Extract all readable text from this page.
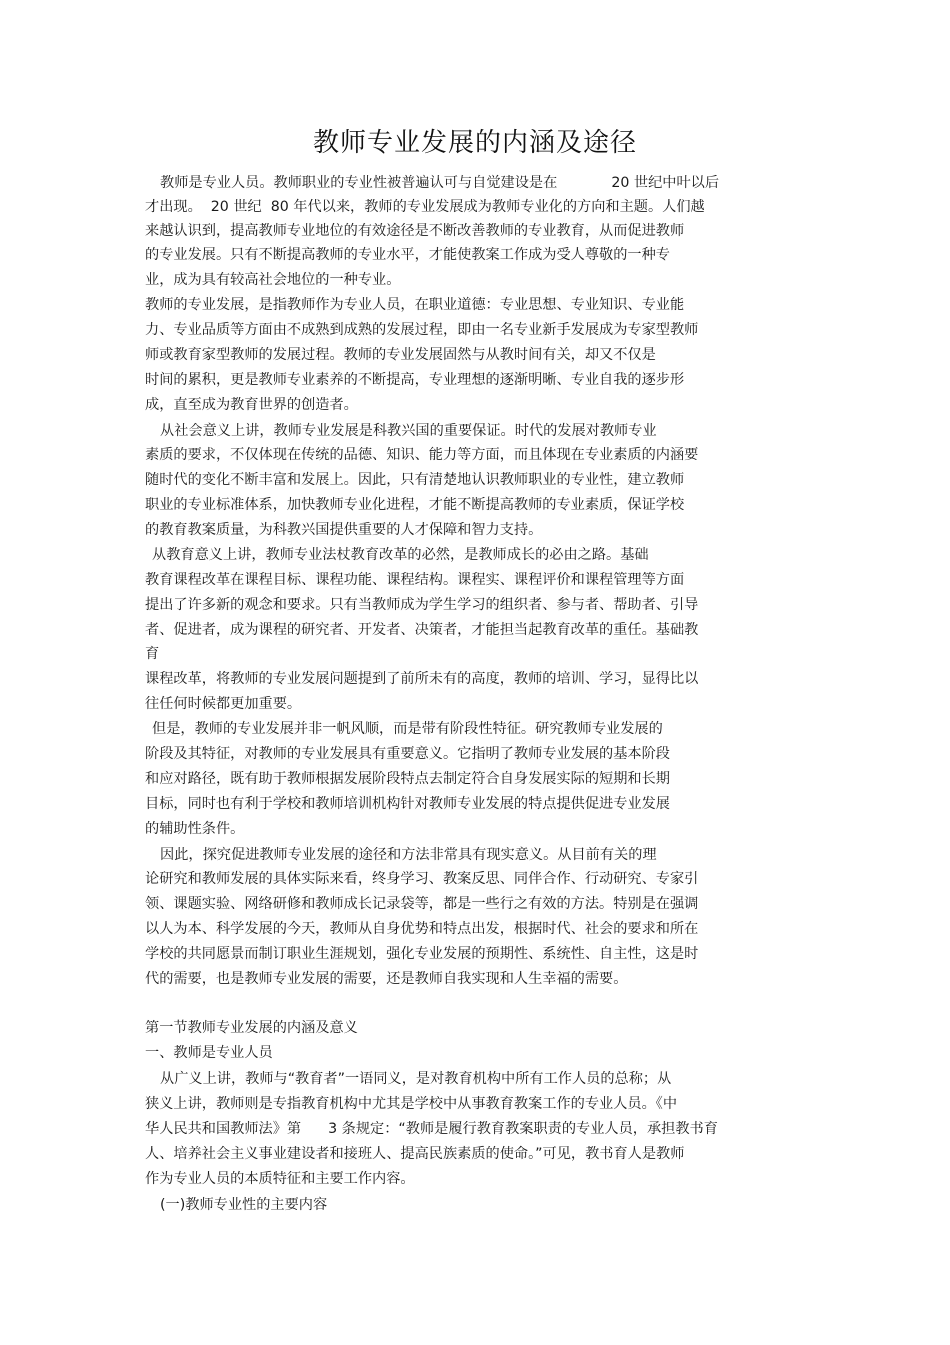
教师专业发展的内涵及途径
教师是专业人员。教师职业的专业性被普遍认可与自觉建设是在            20 世纪中叶以后
才出现。  20 世纪  80 年代以来，教师的专业发展成为教师专业化的方向和主题。人们越
来越认识到，提高教师专业地位的有效途径是不断改善教师的专业教育，从而促进教师
的专业发展。只有不断提高教师的专业水平，才能使教案工作成为受人尊敬的一种专
业，成为具有较高社会地位的一种专业。
教师的专业发展，是指教师作为专业人员，在职业道德：专业思想、专业知识、专业能
力、专业品质等方面由不成熟到成熟的发展过程，即由一名专业新手发展成为专家型教师
师或教育家型教师的发展过程。教师的专业发展固然与从教时间有关，却又不仅是
时间的累积，更是教师专业素养的不断提高，专业理想的逐渐明晰、专业自我的逐步形
成，直至成为教育世界的创造者。
从社会意义上讲，教师专业发展是科教兴国的重要保证。时代的发展对教师专业
素质的要求，不仅体现在传统的品德、知识、能力等方面，而且体现在专业素质的内涵要
随时代的变化不断丰富和发展上。因此，只有清楚地认识教师职业的专业性，建立教师
职业的专业标准体系，加快教师专业化进程，才能不断提高教师的专业素质，保证学校
的教育教案质量，为科教兴国提供重要的人才保障和智力支持。
从教育意义上讲，教师专业法杖教育改革的必然，是教师成长的必由之路。基础
教育课程改革在课程目标、课程功能、课程结构。课程实、课程评价和课程管理等方面
提出了许多新的观念和要求。只有当教师成为学生学习的组织者、参与者、帮助者、引导
者、促进者，成为课程的研究者、开发者、决策者，才能担当起教育改革的重任。基础教
育
课程改革，将教师的专业发展问题提到了前所未有的高度，教师的培训、学习，显得比以
往任何时候都更加重要。
但是，教师的专业发展并非一帆风顺，而是带有阶段性特征。研究教师专业发展的
阶段及其特征，对教师的专业发展具有重要意义。它指明了教师专业发展的基本阶段
和应对路径，既有助于教师根据发展阶段特点去制定符合自身发展实际的短期和长期
目标，同时也有利于学校和教师培训机构针对教师专业发展的特点提供促进专业发展
的辅助性条件。
因此，探究促进教师专业发展的途径和方法非常具有现实意义。从目前有关的理
论研究和教师发展的具体实际来看，终身学习、教案反思、同伴合作、行动研究、专家引
领、课题实验、网络研修和教师成长记录袋等，都是一些行之有效的方法。特别是在强调
以人为本、科学发展的今天，教师从自身优势和特点出发，根据时代、社会的要求和所在
学校的共同愿景而制订职业生涯规划，强化专业发展的预期性、系统性、自主性，这是时
代的需要，也是教师专业发展的需要，还是教师自我实现和人生幸福的需要。
第一节教师专业发展的内涵及意义
一、教师是专业人员
从广义上讲，教师与“教育者”一语同义，是对教育机构中所有工作人员的总称；从
狭义上讲，教师则是专指教育机构中尤其是学校中从事教育教案工作的专业人员。《中
华人民共和国教师法》第      3 条规定：“教师是履行教育教案职责的专业人员，承担教书育
人、培养社会主义事业建设者和接班人、提高民族素质的使命。”可见，教书育人是教师
作为专业人员的本质特征和主要工作内容。
(一)教师专业性的主要内容
